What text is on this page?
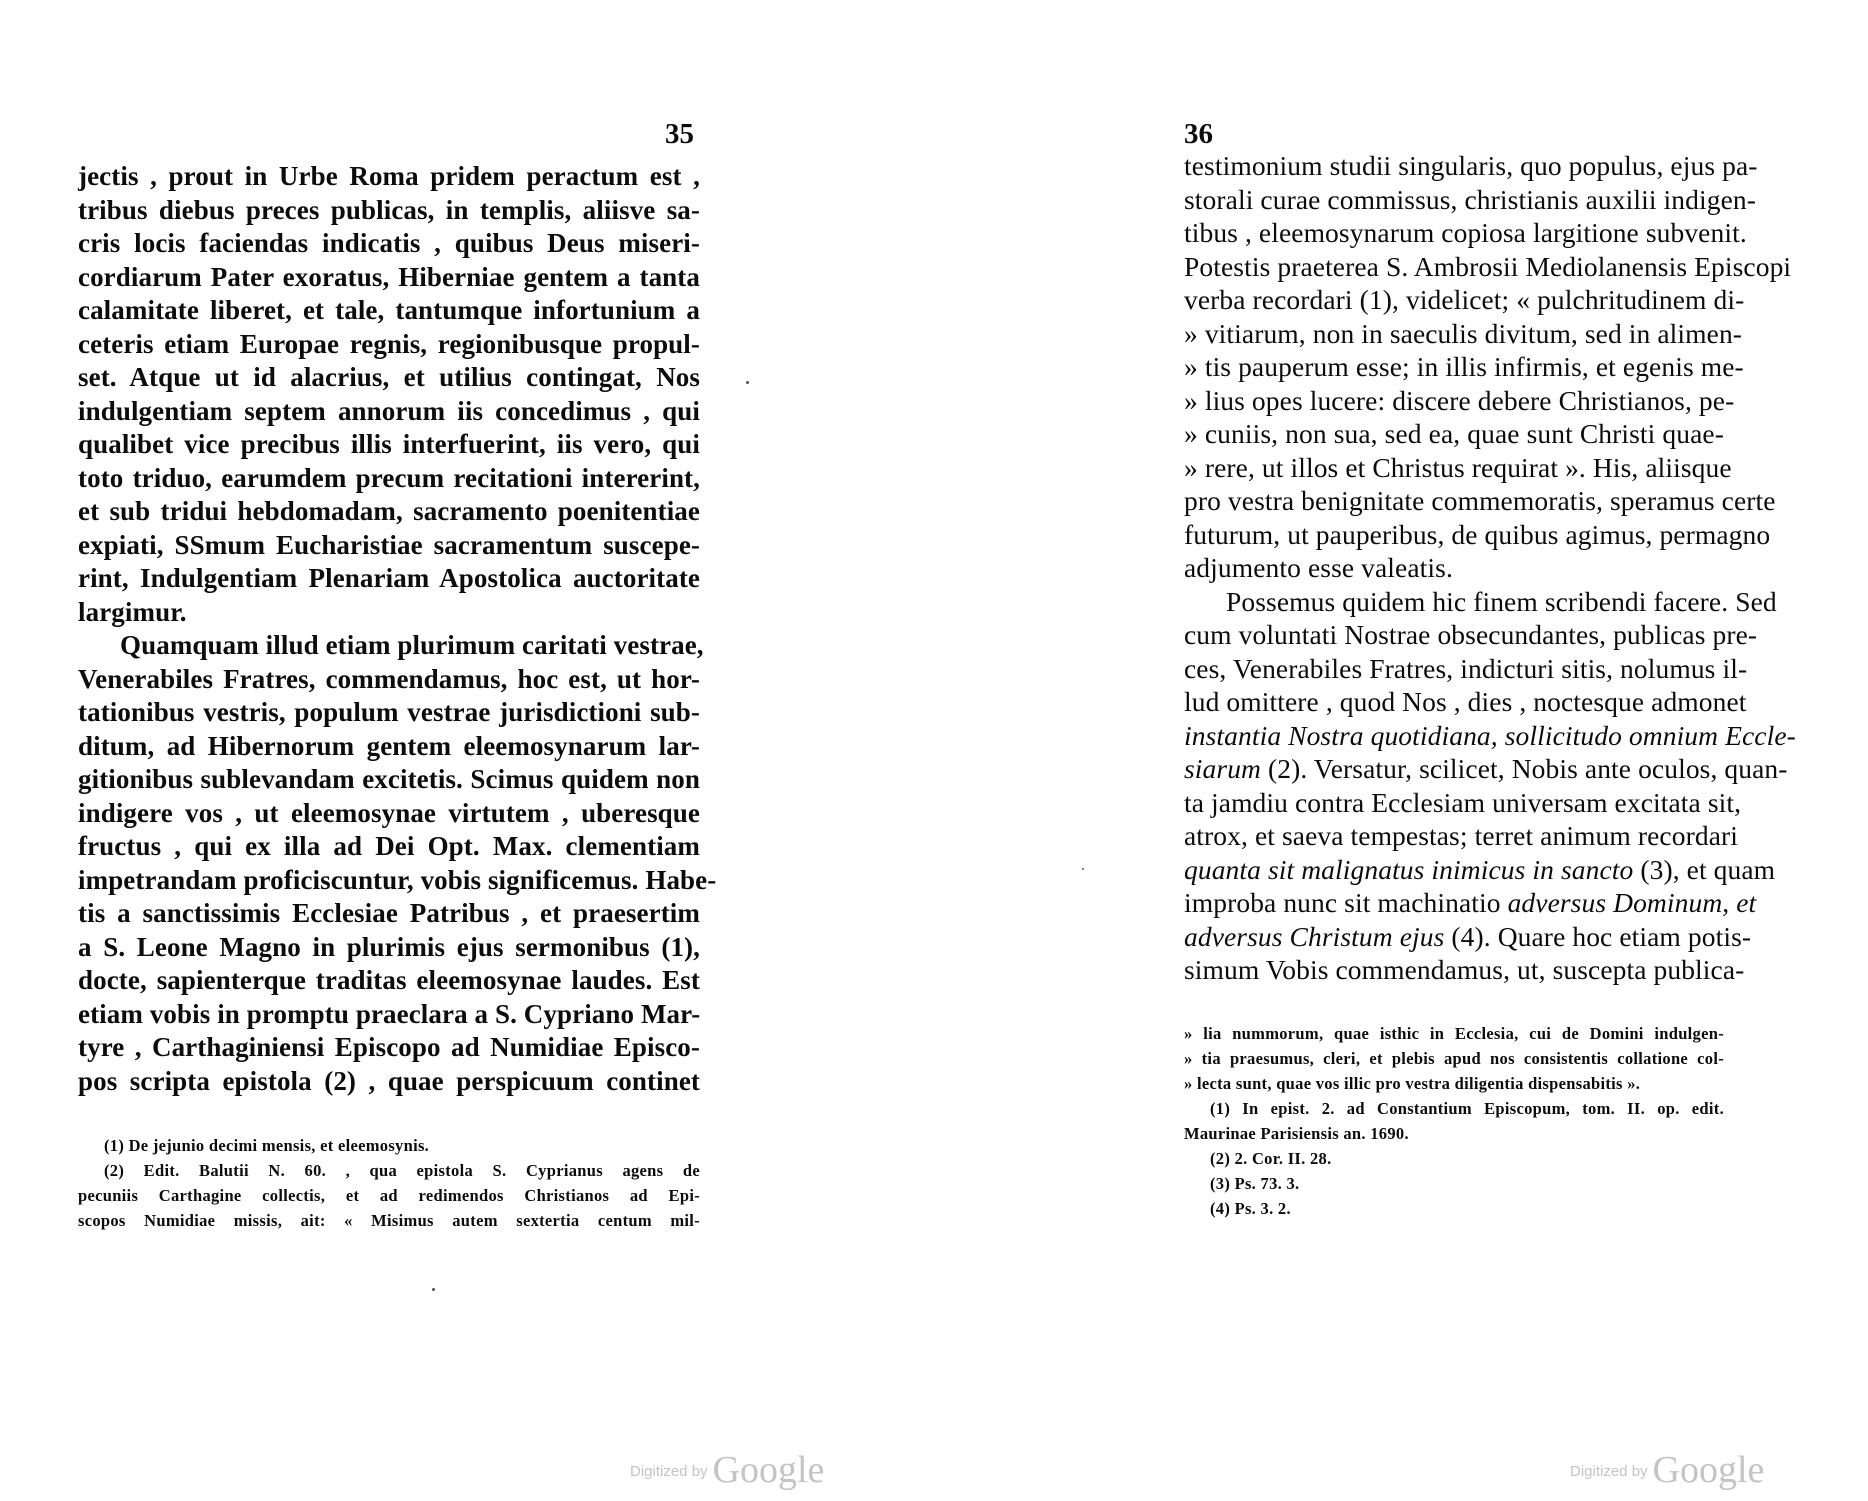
35
jectis , prout in Urbe Roma pridem peractum est ,
tribus diebus preces publicas, in templis, aliisve sa-
cris locis faciendas indicatis , quibus Deus miseri-
cordiarum Pater exoratus, Hiberniae gentem a tanta
calamitate liberet, et tale, tantumque infortunium a
ceteris etiam Europae regnis, regionibusque propul-
set. Atque ut id alacrius, et utilius contingat, Nos
indulgentiam septem annorum iis concedimus , qui
qualibet vice precibus illis interfuerint, iis vero, qui
toto triduo, earumdem precum recitationi intererint,
et sub tridui hebdomadam, sacramento poenitentiae
expiati, SSmum Eucharistiae sacramentum suscepe-
rint, Indulgentiam Plenariam Apostolica auctoritate
largimur.
Quamquam illud etiam plurimum caritati vestrae,
Venerabiles Fratres, commendamus, hoc est, ut hor-
tationibus vestris, populum vestrae jurisdictioni sub-
ditum, ad Hibernorum gentem eleemosynarum lar-
gitionibus sublevandam excitetis. Scimus quidem non
indigere vos , ut eleemosynae virtutem , uberesque
fructus , qui ex illa ad Dei Opt. Max. clementiam
impetrandam proficiscuntur, vobis significemus. Habe-
tis a sanctissimis Ecclesiae Patribus , et praesertim
a S. Leone Magno in plurimis ejus sermonibus (1),
docte, sapienterque traditas eleemosynae laudes. Est
etiam vobis in promptu praeclara a S. Cypriano Mar-
tyre , Carthaginiensi Episcopo ad Numidiae Episco-
pos scripta epistola (2) , quae perspicuum continet
(1) De jejunio decimi mensis, et eleemosynis.
(2) Edit. Balutii N. 60. , qua epistola S. Cyprianus agens de
pecuniis Carthagine collectis, et ad redimendos Christianos ad Epi-
scopos Numidiae missis, ait: « Misimus autem sextertia centum mil-
Digitized by Google
36
testimonium studii singularis, quo populus, ejus pa-
storali curae commissus, christianis auxilii indigen-
tibus , eleemosynarum copiosa largitione subvenit.
Potestis praeterea S. Ambrosii Mediolanensis Episcopi
verba recordari (1), videlicet; « pulchritudinem di-
» vitiarum, non in saeculis divitum, sed in alimen-
» tis pauperum esse; in illis infirmis, et egenis me-
» lius opes lucere: discere debere Christianos, pe-
» cuniis, non sua, sed ea, quae sunt Christi quae-
» rere, ut illos et Christus requirat ». His, aliisque
pro vestra benignitate commemoratis, speramus certe
futurum, ut pauperibus, de quibus agimus, permagno
adjumento esse valeatis.
Possemus quidem hic finem scribendi facere. Sed
cum voluntati Nostrae obsecundantes, publicas pre-
ces, Venerabiles Fratres, indicturi sitis, nolumus il-
lud omittere , quod Nos , dies , noctesque admonet
instantia Nostra quotidiana, sollicitudo omnium Eccle-
siarum (2). Versatur, scilicet, Nobis ante oculos, quan-
ta jamdiu contra Ecclesiam universam excitata sit,
atrox, et saeva tempestas; terret animum recordari
quanta sit malignatus inimicus in sancto (3), et quam
improba nunc sit machinatio adversus Dominum, et
adversus Christum ejus (4). Quare hoc etiam potis-
simum Vobis commendamus, ut, suscepta publica-
» lia nummorum, quae isthic in Ecclesia, cui de Domini indulgen-
» tia praesumus, cleri, et plebis apud nos consistentis collatione col-
» lecta sunt, quae vos illic pro vestra diligentia dispensabitis ».
(1) In epist. 2. ad Constantium Episcopum, tom. II. op. edit.
Maurinae Parisiensis an. 1690.
(2) 2. Cor. II. 28.
(3) Ps. 73. 3.
(4) Ps. 3. 2.
Digitized by Google
